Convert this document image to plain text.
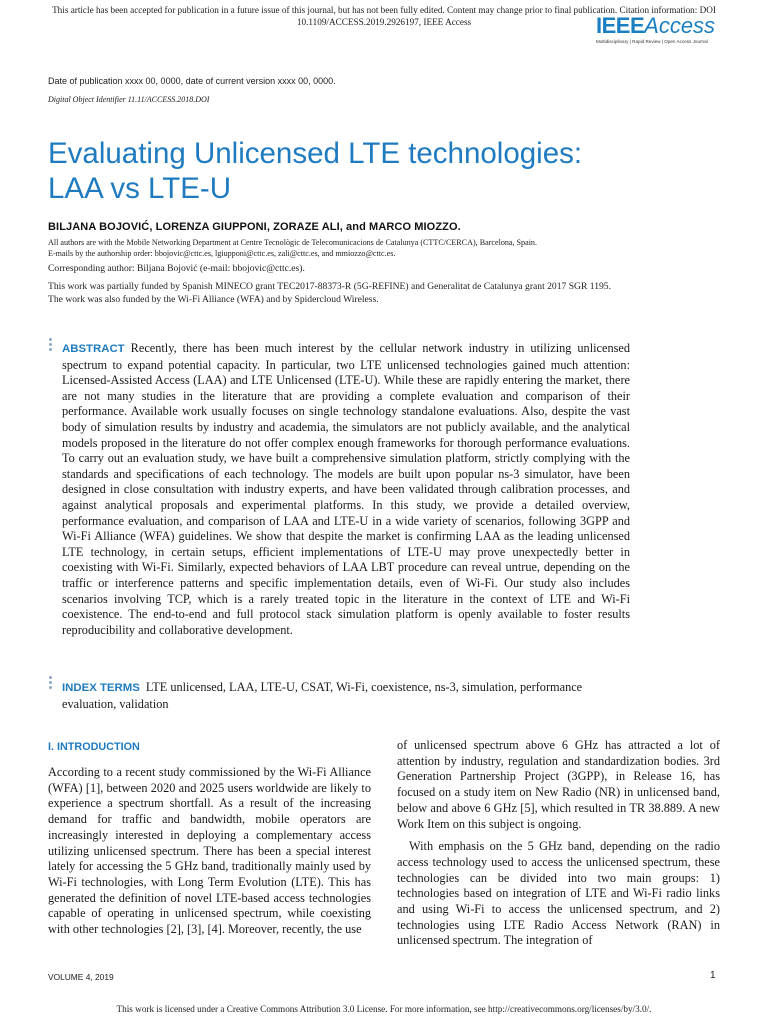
This article has been accepted for publication in a future issue of this journal, but has not been fully edited. Content may change prior to final publication. Citation information: DOI
10.1109/ACCESS.2019.2926197, IEEE Access	IEEEAccess
Multidisciplinary | Rapid Review | Open Access Journal
Date of publication xxxx 00, 0000, date of current version xxxx 00, 0000.
Digital Object Identifier 11.11/ACCESS.2018.DOI
Evaluating Unlicensed LTE technologies:
LAA vs LTE-U
BILJANA BOJOVIĆ, LORENZA GIUPPONI, ZORAZE ALI, and MARCO MIOZZO.
All authors are with the Mobile Networking Department at Centre Tecnològic de Telecomunicacions de Catalunya (CTTC/CERCA), Barcelona, Spain.
E-mails by the authorship order: bbojovic@cttc.es, lgiupponi@cttc.es, zali@cttc.es, and mmiozzo@cttc.es.
Corresponding author: Biljana Bojović (e-mail: bbojovic@cttc.es).
This work was partially funded by Spanish MINECO grant TEC2017-88373-R (5G-REFINE) and Generalitat de Catalunya grant 2017 SGR 1195. The work was also funded by the Wi-Fi Alliance (WFA) and by Spidercloud Wireless.
ABSTRACT Recently, there has been much interest by the cellular network industry in utilizing unlicensed spectrum to expand potential capacity. In particular, two LTE unlicensed technologies gained much attention: Licensed-Assisted Access (LAA) and LTE Unlicensed (LTE-U). While these are rapidly entering the market, there are not many studies in the literature that are providing a complete evaluation and comparison of their performance. Available work usually focuses on single technology standalone evaluations. Also, despite the vast body of simulation results by industry and academia, the simulators are not publicly available, and the analytical models proposed in the literature do not offer complex enough frameworks for thorough performance evaluations. To carry out an evaluation study, we have built a comprehensive simulation platform, strictly complying with the standards and specifications of each technology. The models are built upon popular ns-3 simulator, have been designed in close consultation with industry experts, and have been validated through calibration processes, and against analytical proposals and experimental platforms. In this study, we provide a detailed overview, performance evaluation, and comparison of LAA and LTE-U in a wide variety of scenarios, following 3GPP and Wi-Fi Alliance (WFA) guidelines. We show that despite the market is confirming LAA as the leading unlicensed LTE technology, in certain setups, efficient implementations of LTE-U may prove unexpectedly better in coexisting with Wi-Fi. Similarly, expected behaviors of LAA LBT procedure can reveal untrue, depending on the traffic or interference patterns and specific implementation details, even of Wi-Fi. Our study also includes scenarios involving TCP, which is a rarely treated topic in the literature in the context of LTE and Wi-Fi coexistence. The end-to-end and full protocol stack simulation platform is openly available to foster results reproducibility and collaborative development.
INDEX TERMS LTE unlicensed, LAA, LTE-U, CSAT, Wi-Fi, coexistence, ns-3, simulation, performance evaluation, validation
I. INTRODUCTION

According to a recent study commissioned by the Wi-Fi Alliance (WFA) [1], between 2020 and 2025 users worldwide are likely to experience a spectrum shortfall. As a result of the increasing demand for traffic and bandwidth, mobile operators are increasingly interested in deploying a complementary access utilizing unlicensed spectrum. There has been a special interest lately for accessing the 5 GHz band, traditionally mainly used by Wi-Fi technologies, with Long Term Evolution (LTE). This has generated the definition of novel LTE-based access technologies capable of operating in unlicensed spectrum, while coexisting with other technologies [2], [3], [4]. Moreover, recently, the use

of unlicensed spectrum above 6 GHz has attracted a lot of attention by industry, regulation and standardization bodies. 3rd Generation Partnership Project (3GPP), in Release 16, has focused on a study item on New Radio (NR) in unlicensed band, below and above 6 GHz [5], which resulted in TR 38.889. A new Work Item on this subject is ongoing.

With emphasis on the 5 GHz band, depending on the radio access technology used to access the unlicensed spectrum, these technologies can be divided into two main groups: 1) technologies based on integration of LTE and Wi-Fi radio links and using Wi-Fi to access the unlicensed spectrum, and 2) technologies using LTE Radio Access Network (RAN) in unlicensed spectrum. The integration of

VOLUME 4, 2019	1
This work is licensed under a Creative Commons Attribution 3.0 License. For more information, see http://creativecommons.org/licenses/by/3.0/.
